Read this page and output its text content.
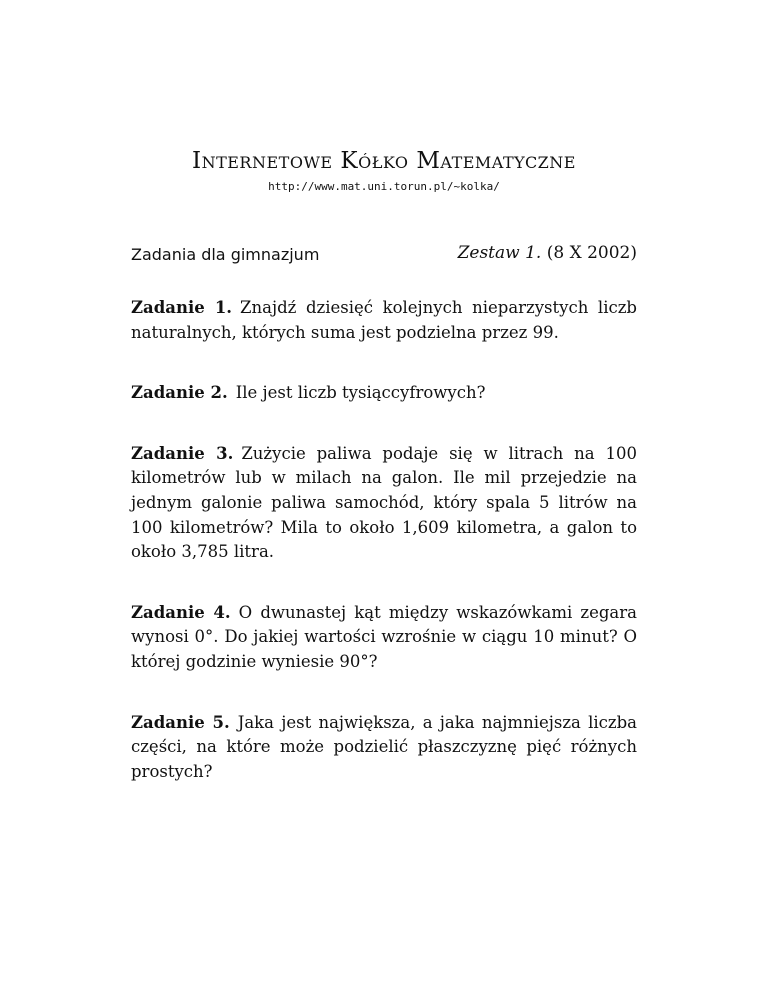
Internetowe Kółko Matematyczne
http://www.mat.uni.torun.pl/~kolka/
Zadania dla gimnazjum	Zestaw 1. (8 X 2002)

Zadanie 1. Znajdź dziesięć kolejnych nieparzystych liczb naturalnych, których suma jest podzielna przez 99.

Zadanie 2. Ile jest liczb tysiąccyfrowych?

Zadanie 3. Zużycie paliwa podaje się w litrach na 100 kilometrów lub w milach na galon. Ile mil przejedzie na jednym galonie paliwa samochód, który spala 5 litrów na 100 kilometrów? Mila to około 1,609 kilometra, a galon to około 3,785 litra.

Zadanie 4. O dwunastej kąt między wskazówkami zegara wynosi 0°. Do jakiej wartości wzrośnie w ciągu 10 minut? O której godzinie wyniesie 90°?

Zadanie 5. Jaka jest największa, a jaka najmniejsza liczba części, na które może podzielić płaszczyznę pięć różnych prostych?
